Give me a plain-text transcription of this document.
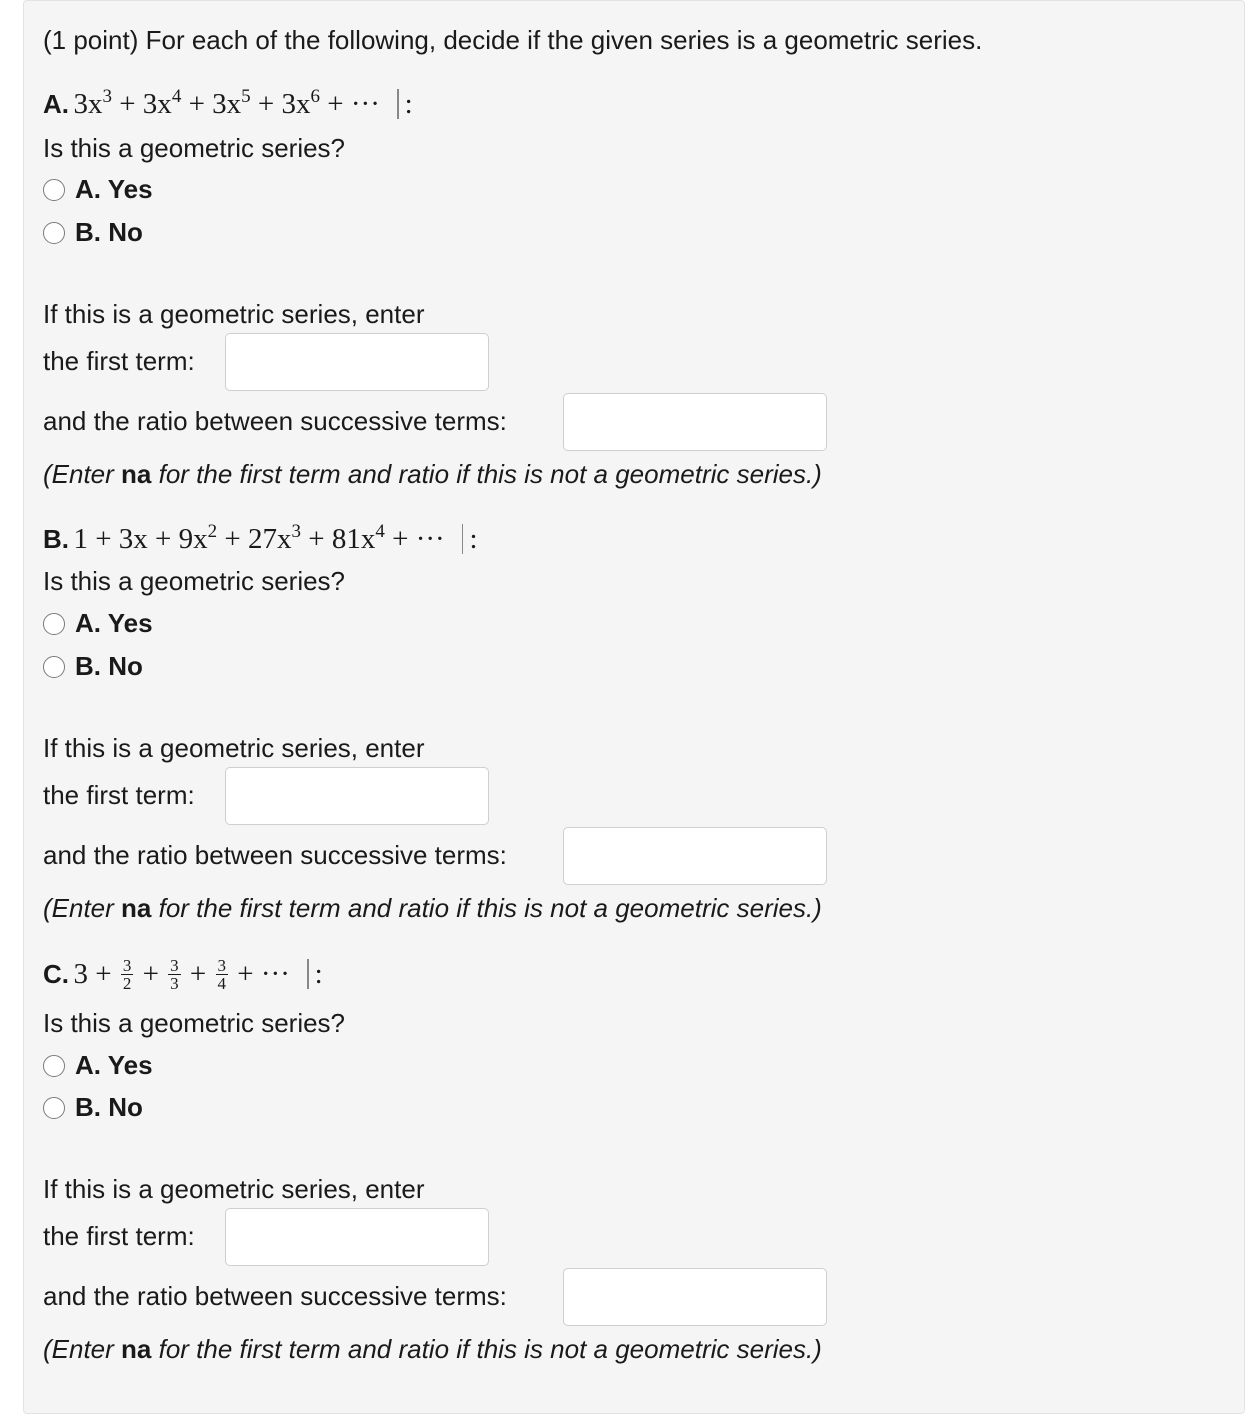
(1 point) For each of the following, decide if the given series is a geometric series.
A. $3x^3 + 3x^4 + 3x^5 + 3x^6$ + ··· :
Is this a geometric series?
A. Yes
B. No
If this is a geometric series, enter
the first term:
and the ratio between successive terms:
(Enter na for the first term and ratio if this is not a geometric series.)
B. $1 + 3x + 9x^2 + 27x^3 + 81x^4$ + ··· :
Is this a geometric series?
A. Yes
B. No
If this is a geometric series, enter
the first term:
and the ratio between successive terms:
(Enter na for the first term and ratio if this is not a geometric series.)
C. $3 + \frac{3}{2} + \frac{3}{3} + \frac{3}{4}$ + ··· :
Is this a geometric series?
A. Yes
B. No
If this is a geometric series, enter
the first term:
and the ratio between successive terms:
(Enter na for the first term and ratio if this is not a geometric series.)
